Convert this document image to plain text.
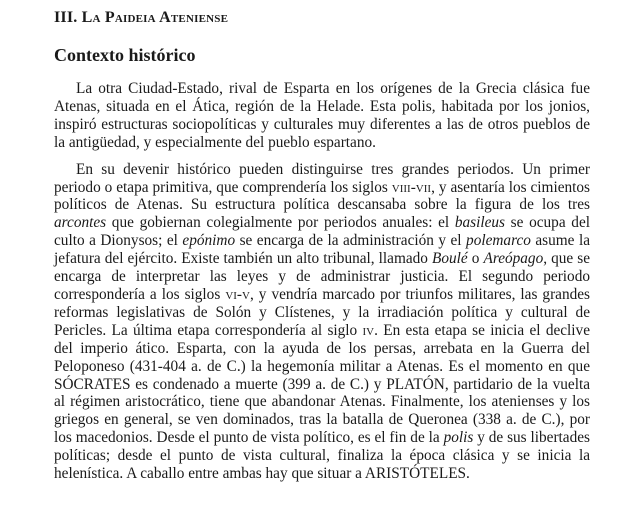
III. La Paideia Ateniense
Contexto histórico

La otra Ciudad-Estado, rival de Esparta en los orígenes de la Grecia clásica fue Atenas, situada en el Ática, región de la Helade. Esta polis, habitada por los jonios, inspiró estructuras sociopolíticas y culturales muy diferentes a las de otros pueblos de la antigüedad, y especialmente del pueblo espartano.

En su devenir histórico pueden distinguirse tres grandes periodos. Un primer periodo o etapa primitiva, que comprendería los siglos viii-vii, y asentaría los cimientos políticos de Atenas. Su estructura política descansaba sobre la figura de los tres arcontes que gobiernan colegialmente por periodos anuales: el basileus se ocupa del culto a Dionysos; el epónimo se encarga de la administración y el polemarco asume la jefatura del ejército. Existe también un alto tribunal, llamado Boulé o Areópago, que se encarga de interpretar las leyes y de administrar justicia. El segundo periodo correspondería a los siglos vi-v, y vendría marcado por triunfos militares, las grandes reformas legislativas de Solón y Clístenes, y la irradiación política y cultural de Pericles. La última etapa correspondería al siglo iv. En esta etapa se inicia el declive del imperio ático. Esparta, con la ayuda de los persas, arrebata en la Guerra del Peloponeso (431-404 a. de C.) la hegemonía militar a Atenas. Es el momento en que SÓCRATES es condenado a muerte (399 a. de C.) y PLATÓN, partidario de la vuelta al régimen aristocrático, tiene que abandonar Atenas. Finalmente, los atenienses y los griegos en general, se ven dominados, tras la batalla de Queronea (338 a. de C.), por los macedonios. Desde el punto de vista político, es el fin de la polis y de sus libertades políticas; desde el punto de vista cultural, finaliza la época clásica y se inicia la helenística. A caballo entre ambas hay que situar a ARISTÓTELES.
